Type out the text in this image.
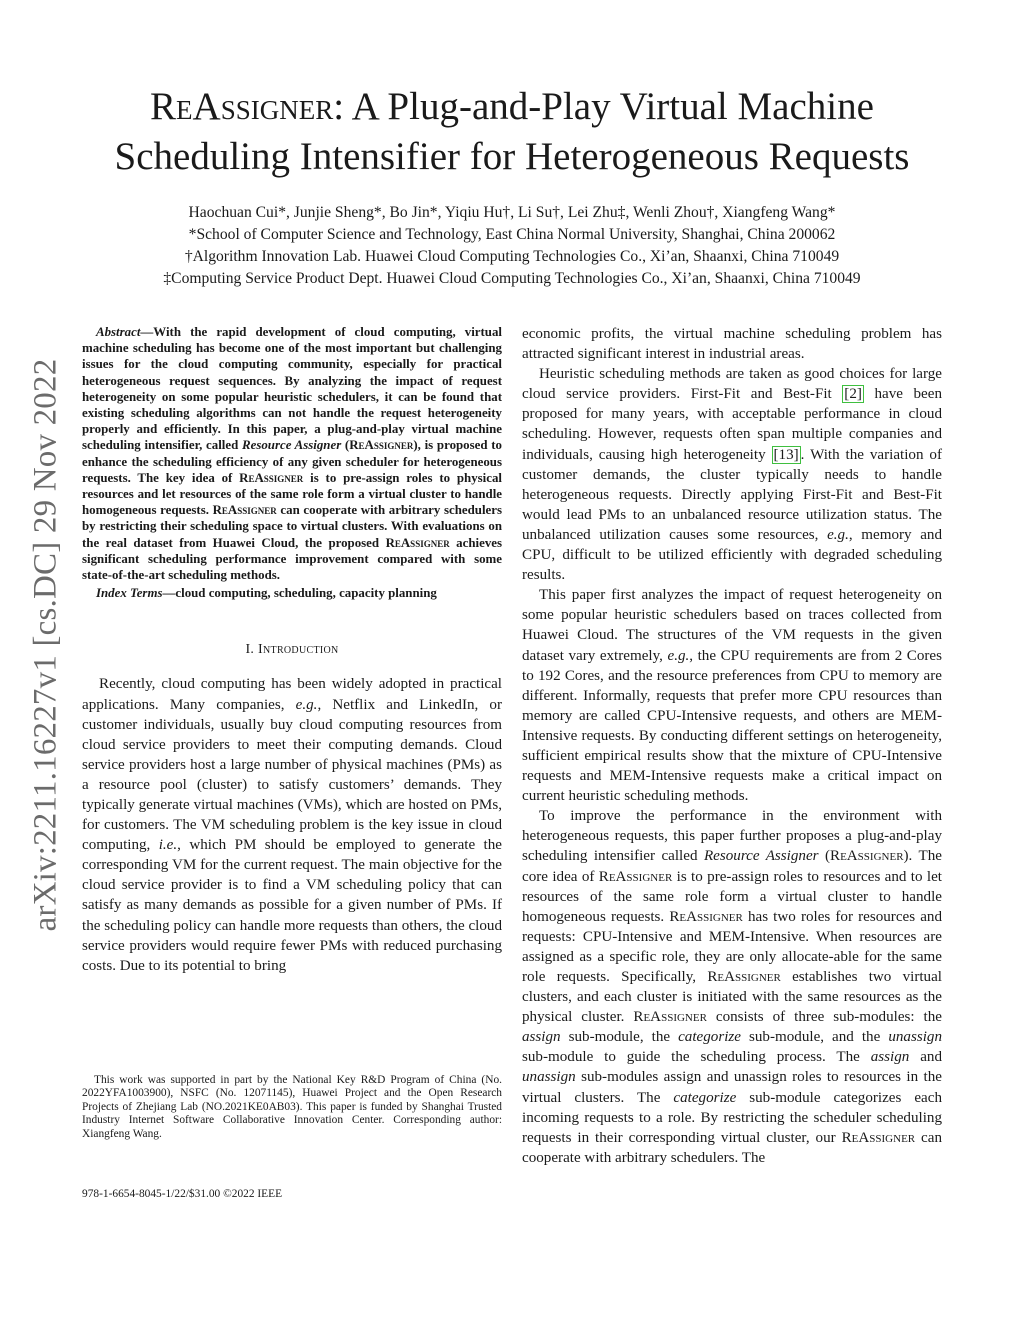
arXiv:2211.16227v1 [cs.DC] 29 Nov 2022
ReAssigner: A Plug-and-Play Virtual Machine
Scheduling Intensifier for Heterogeneous Requests
Haochuan Cui*, Junjie Sheng*, Bo Jin*, Yiqiu Hu†, Li Su†, Lei Zhu‡, Wenli Zhou†, Xiangfeng Wang*
*School of Computer Science and Technology, East China Normal University, Shanghai, China 200062
†Algorithm Innovation Lab. Huawei Cloud Computing Technologies Co., Xi’an, Shaanxi, China 710049
‡Computing Service Product Dept. Huawei Cloud Computing Technologies Co., Xi’an, Shaanxi, China 710049

Abstract—With the rapid development of cloud computing, virtual machine scheduling has become one of the most important but challenging issues for the cloud computing community, especially for practical heterogeneous request sequences. By analyzing the impact of request heterogeneity on some popular heuristic schedulers, it can be found that existing scheduling algorithms can not handle the request heterogeneity properly and efficiently. In this paper, a plug-and-play virtual machine scheduling intensifier, called Resource Assigner (ReAssigner), is proposed to enhance the scheduling efficiency of any given scheduler for heterogeneous requests. The key idea of ReAssigner is to pre-assign roles to physical resources and let resources of the same role form a virtual cluster to handle homogeneous requests. ReAssigner can cooperate with arbitrary schedulers by restricting their scheduling space to virtual clusters. With evaluations on the real dataset from Huawei Cloud, the proposed ReAssigner achieves significant scheduling performance improvement compared with some state-of-the-art scheduling methods.

Index Terms—cloud computing, scheduling, capacity planning

I. Introduction

Recently, cloud computing has been widely adopted in practical applications. Many companies, e.g., Netflix and LinkedIn, or customer individuals, usually buy cloud computing resources from cloud service providers to meet their computing demands. Cloud service providers host a large number of physical machines (PMs) as a resource pool (cluster) to satisfy customers’ demands. They typically generate virtual machines (VMs), which are hosted on PMs, for customers. The VM scheduling problem is the key issue in cloud computing, i.e., which PM should be employed to generate the corresponding VM for the current request. The main objective for the cloud service provider is to find a VM scheduling policy that can satisfy as many demands as possible for a given number of PMs. If the scheduling policy can handle more requests than others, the cloud service providers would require fewer PMs with reduced purchasing costs. Due to its potential to bring

This work was supported in part by the National Key R&D Program of China (No. 2022YFA1003900), NSFC (No. 12071145), Huawei Project and the Open Research Projects of Zhejiang Lab (NO.2021KE0AB03). This paper is funded by Shanghai Trusted Industry Internet Software Collaborative Innovation Center. Corresponding author: Xiangfeng Wang.
978-1-6654-8045-1/22/$31.00 ©2022 IEEE

economic profits, the virtual machine scheduling problem has attracted significant interest in industrial areas.

Heuristic scheduling methods are taken as good choices for large cloud service providers. First-Fit and Best-Fit [2] have been proposed for many years, with acceptable performance in cloud scheduling. However, requests often span multiple companies and individuals, causing high heterogeneity [13] . With the variation of customer demands, the cluster typically needs to handle heterogeneous requests. Directly applying First-Fit and Best-Fit would lead PMs to an unbalanced resource utilization status. The unbalanced utilization causes some resources, e.g., memory and CPU, difficult to be utilized efficiently with degraded scheduling results.

This paper first analyzes the impact of request heterogeneity on some popular heuristic schedulers based on traces collected from Huawei Cloud. The structures of the VM requests in the given dataset vary extremely, e.g., the CPU requirements are from 2 Cores to 192 Cores, and the resource preferences from CPU to memory are different. Informally, requests that prefer more CPU resources than memory are called CPU-Intensive requests, and others are MEM-Intensive requests. By conducting different settings on heterogeneity, sufficient empirical results show that the mixture of CPU-Intensive requests and MEM-Intensive requests make a critical impact on current heuristic scheduling methods.

To improve the performance in the environment with heterogeneous requests, this paper further proposes a plug-and-play scheduling intensifier called Resource Assigner (ReAssigner). The core idea of ReAssigner is to pre-assign roles to resources and to let resources of the same role form a virtual cluster to handle homogeneous requests. ReAssigner has two roles for resources and requests: CPU-Intensive and MEM-Intensive. When resources are assigned as a specific role, they are only allocate-able for the same role requests. Specifically, ReAssigner establishes two virtual clusters, and each cluster is initiated with the same resources as the physical cluster. ReAssigner consists of three sub-modules: the assign sub-module, the categorize sub-module, and the unassign sub-module to guide the scheduling process. The assign and unassign sub-modules assign and unassign roles to resources in the virtual clusters. The categorize sub-module categorizes each incoming requests to a role. By restricting the scheduler scheduling requests in their corresponding virtual cluster, our ReAssigner can cooperate with arbitrary schedulers. The
